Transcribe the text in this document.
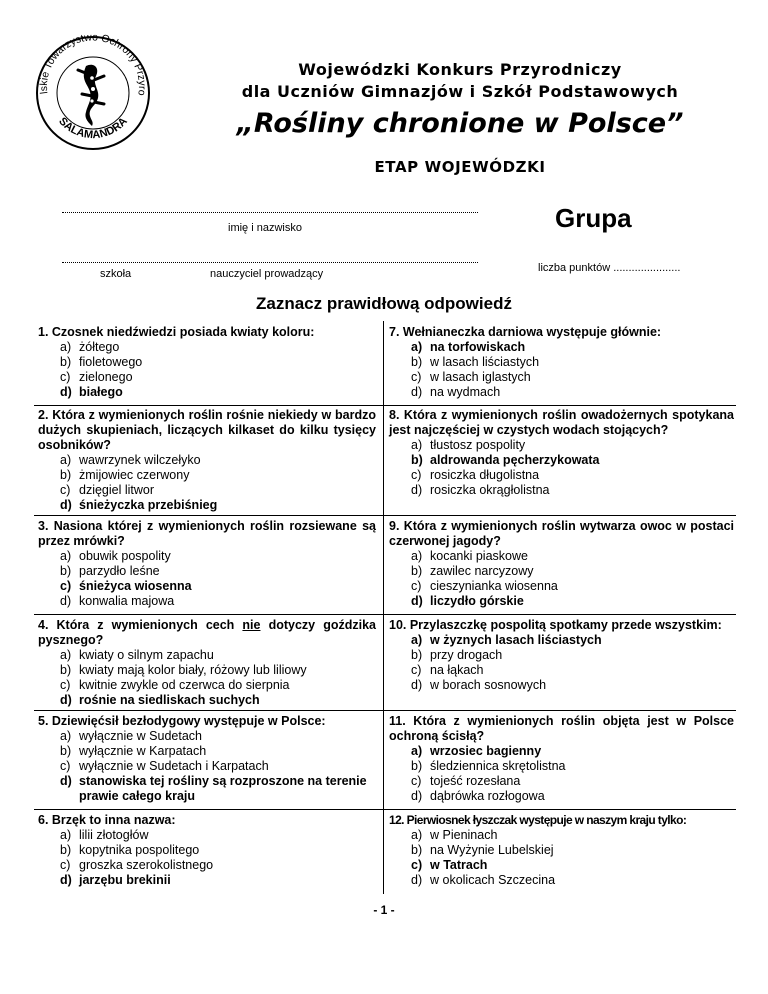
lskie Towarzystwo Ochrony Przyro
SALAMANDRA
Wojewódzki Konkurs Przyrodniczy
dla Uczniów Gimnazjów i Szkół Podstawowych
„Rośliny chronione w Polsce”
ETAP WOJEWÓDZKI
imię i nazwisko	Grupa
szkoła	nauczyciel prowadzący	liczba punktów ......................
Zaznacz prawidłową odpowiedź
1. Czosnek niedźwiedzi posiada kwiaty koloru:
a) żółtego
b) fioletowego
c) zielonego
d) białego
7. Wełnianeczka darniowa występuje głównie:
a) na torfowiskach
b) w lasach liściastych
c) w lasach iglastych
d) na wydmach
2. Która z wymienionych roślin rośnie niekiedy w bardzo dużych skupieniach, liczących kilkaset do kilku tysięcy osobników?
a) wawrzynek wilczełyko
b) żmijowiec czerwony
c) dzięgiel litwor
d) śnieżyczka przebiśnieg
8. Która z wymienionych roślin owadożernych spotykana jest najczęściej w czystych wodach stojących?
a) tłustosz pospolity
b) aldrowanda pęcherzykowata
c) rosiczka długolistna
d) rosiczka okrągłolistna
3. Nasiona której z wymienionych roślin rozsiewane są przez mrówki?
a) obuwik pospolity
b) parzydło leśne
c) śnieżyca wiosenna
d) konwalia majowa
9. Która z wymienionych roślin wytwarza owoc w postaci czerwonej jagody?
a) kocanki piaskowe
b) zawilec narcyzowy
c) cieszynianka wiosenna
d) liczydło górskie
4. Która z wymienionych cech nie dotyczy goździka pysznego?
a) kwiaty o silnym zapachu
b) kwiaty mają kolor biały, różowy lub liliowy
c) kwitnie zwykle od czerwca do sierpnia
d) rośnie na siedliskach suchych
10. Przylaszczkę pospolitą spotkamy przede wszystkim:
a) w żyznych lasach liściastych
b) przy drogach
c) na łąkach
d) w borach sosnowych
5. Dziewięćsił bezłodygowy występuje w Polsce:
a) wyłącznie w Sudetach
b) wyłącznie w Karpatach
c) wyłącznie w Sudetach i Karpatach
d) stanowiska tej rośliny są rozproszone na terenie prawie całego kraju
11. Która z wymienionych roślin objęta jest w Polsce ochroną ścisłą?
a) wrzosiec bagienny
b) śledziennica skrętolistna
c) tojeść rozesłana
d) dąbrówka rozłogowa
6. Brzęk to inna nazwa:
a) lilii złotogłów
b) kopytnika pospolitego
c) groszka szerokolistnego
d) jarzębu brekinii
12. Pierwiosnek łyszczak występuje w naszym kraju tylko:
a) w Pieninach
b) na Wyżynie Lubelskiej
c) w Tatrach
d) w okolicach Szczecina
- 1 -
